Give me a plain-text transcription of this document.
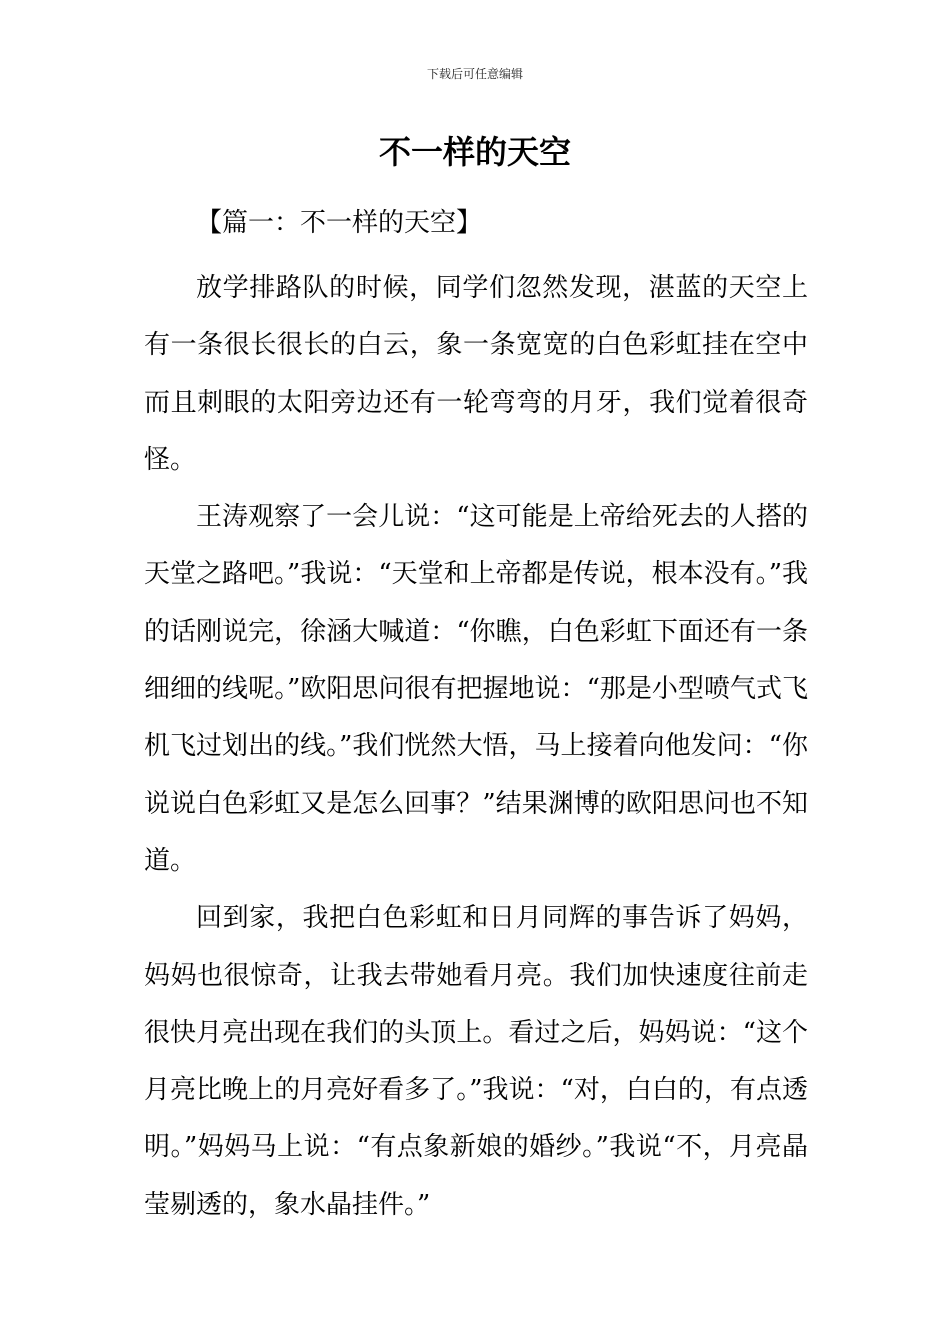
下载后可任意编辑
不一样的天空
【篇一：不一样的天空】

放学排路队的时候，同学们忽然发现，湛蓝的天空上有一条很长很长的白云，象一条宽宽的白色彩虹挂在空中而且刺眼的太阳旁边还有一轮弯弯的月牙，我们觉着很奇怪。

王涛观察了一会儿说：“这可能是上帝给死去的人搭的天堂之路吧。”我说：“天堂和上帝都是传说，根本没有。”我的话刚说完，徐涵大喊道：“你瞧，白色彩虹下面还有一条细细的线呢。”欧阳思问很有把握地说：“那是小型喷气式飞机飞过划出的线。”我们恍然大悟，马上接着向他发问：“你说说白色彩虹又是怎么回事？”结果渊博的欧阳思问也不知道。

回到家，我把白色彩虹和日月同辉的事告诉了妈妈，妈妈也很惊奇，让我去带她看月亮。我们加快速度往前走很快月亮出现在我们的头顶上。看过之后，妈妈说：“这个月亮比晚上的月亮好看多了。”我说：“对，白白的，有点透明。”妈妈马上说：“有点象新娘的婚纱。”我说“不，月亮晶莹剔透的，象水晶挂件。”
